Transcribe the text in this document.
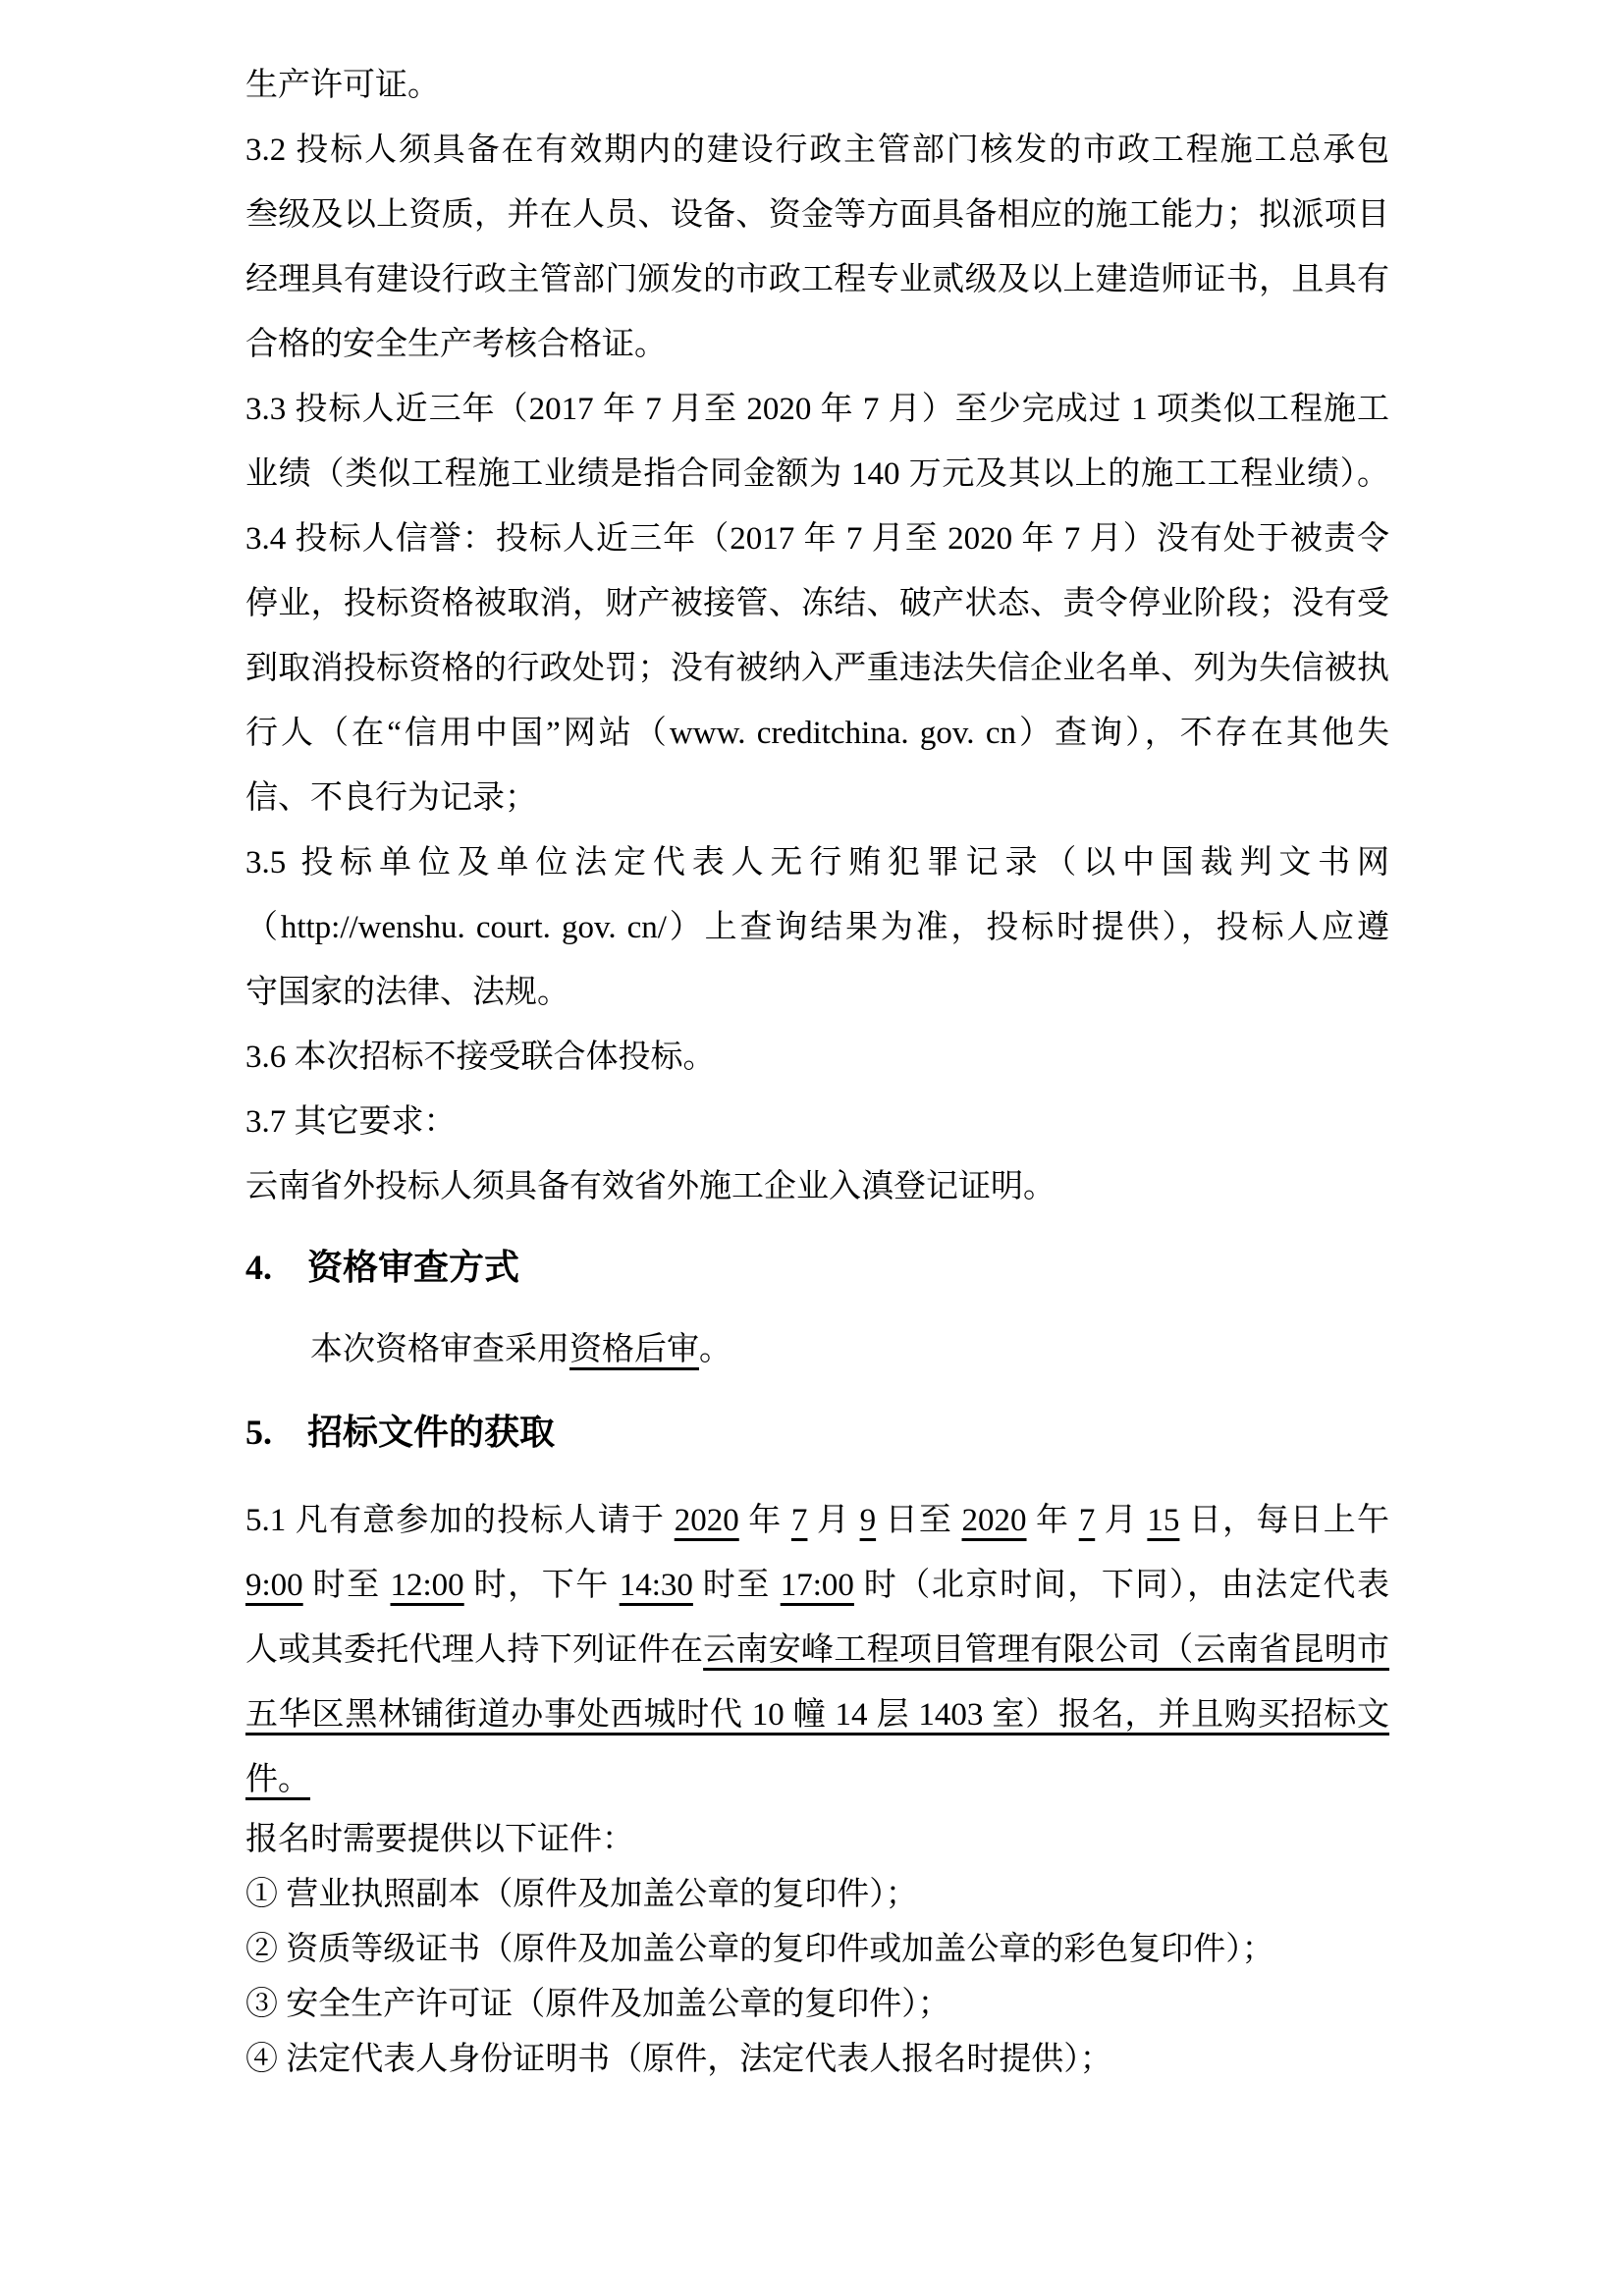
生产许可证。
3.2 投标人须具备在有效期内的建设行政主管部门核发的市政工程施工总承包
叁级及以上资质，并在人员、设备、资金等方面具备相应的施工能力；拟派项目
经理具有建设行政主管部门颁发的市政工程专业贰级及以上建造师证书，且具有
合格的安全生产考核合格证。
3.3 投标人近三年（2017 年 7 月至 2020 年 7 月）至少完成过 1 项类似工程施工
业绩（类似工程施工业绩是指合同金额为 140 万元及其以上的施工工程业绩）。
3.4 投标人信誉：投标人近三年（2017 年 7 月至 2020 年 7 月）没有处于被责令
停业，投标资格被取消，财产被接管、冻结、破产状态、责令停业阶段；没有受
到取消投标资格的行政处罚；没有被纳入严重违法失信企业名单、列为失信被执
行人（在“信用中国”网站（www. creditchina. gov. cn）查询），不存在其他失
信、不良行为记录；
3.5 投标单位及单位法定代表人无行贿犯罪记录（以中国裁判文书网
（http://wenshu. court. gov. cn/）上查询结果为准，投标时提供），投标人应遵
守国家的法律、法规。
3.6 本次招标不接受联合体投标。
3.7 其它要求：
云南省外投标人须具备有效省外施工企业入滇登记证明。
4. 资格审查方式
本次资格审查采用资格后审。
5. 招标文件的获取
5.1 凡有意参加的投标人请于 2020 年 7 月 9 日至 2020 年 7 月 15 日，每日上午
9:00 时至 12:00 时，下午 14:30 时至 17:00 时（北京时间，下同），由法定代表
人或其委托代理人持下列证件在云南安峰工程项目管理有限公司（云南省昆明市
五华区黑林铺街道办事处西城时代 10 幢 14 层 1403 室）报名，并且购买招标文
件。
报名时需要提供以下证件：
① 营业执照副本（原件及加盖公章的复印件）；
② 资质等级证书（原件及加盖公章的复印件或加盖公章的彩色复印件）；
③ 安全生产许可证（原件及加盖公章的复印件）；
④ 法定代表人身份证明书（原件，法定代表人报名时提供）；
